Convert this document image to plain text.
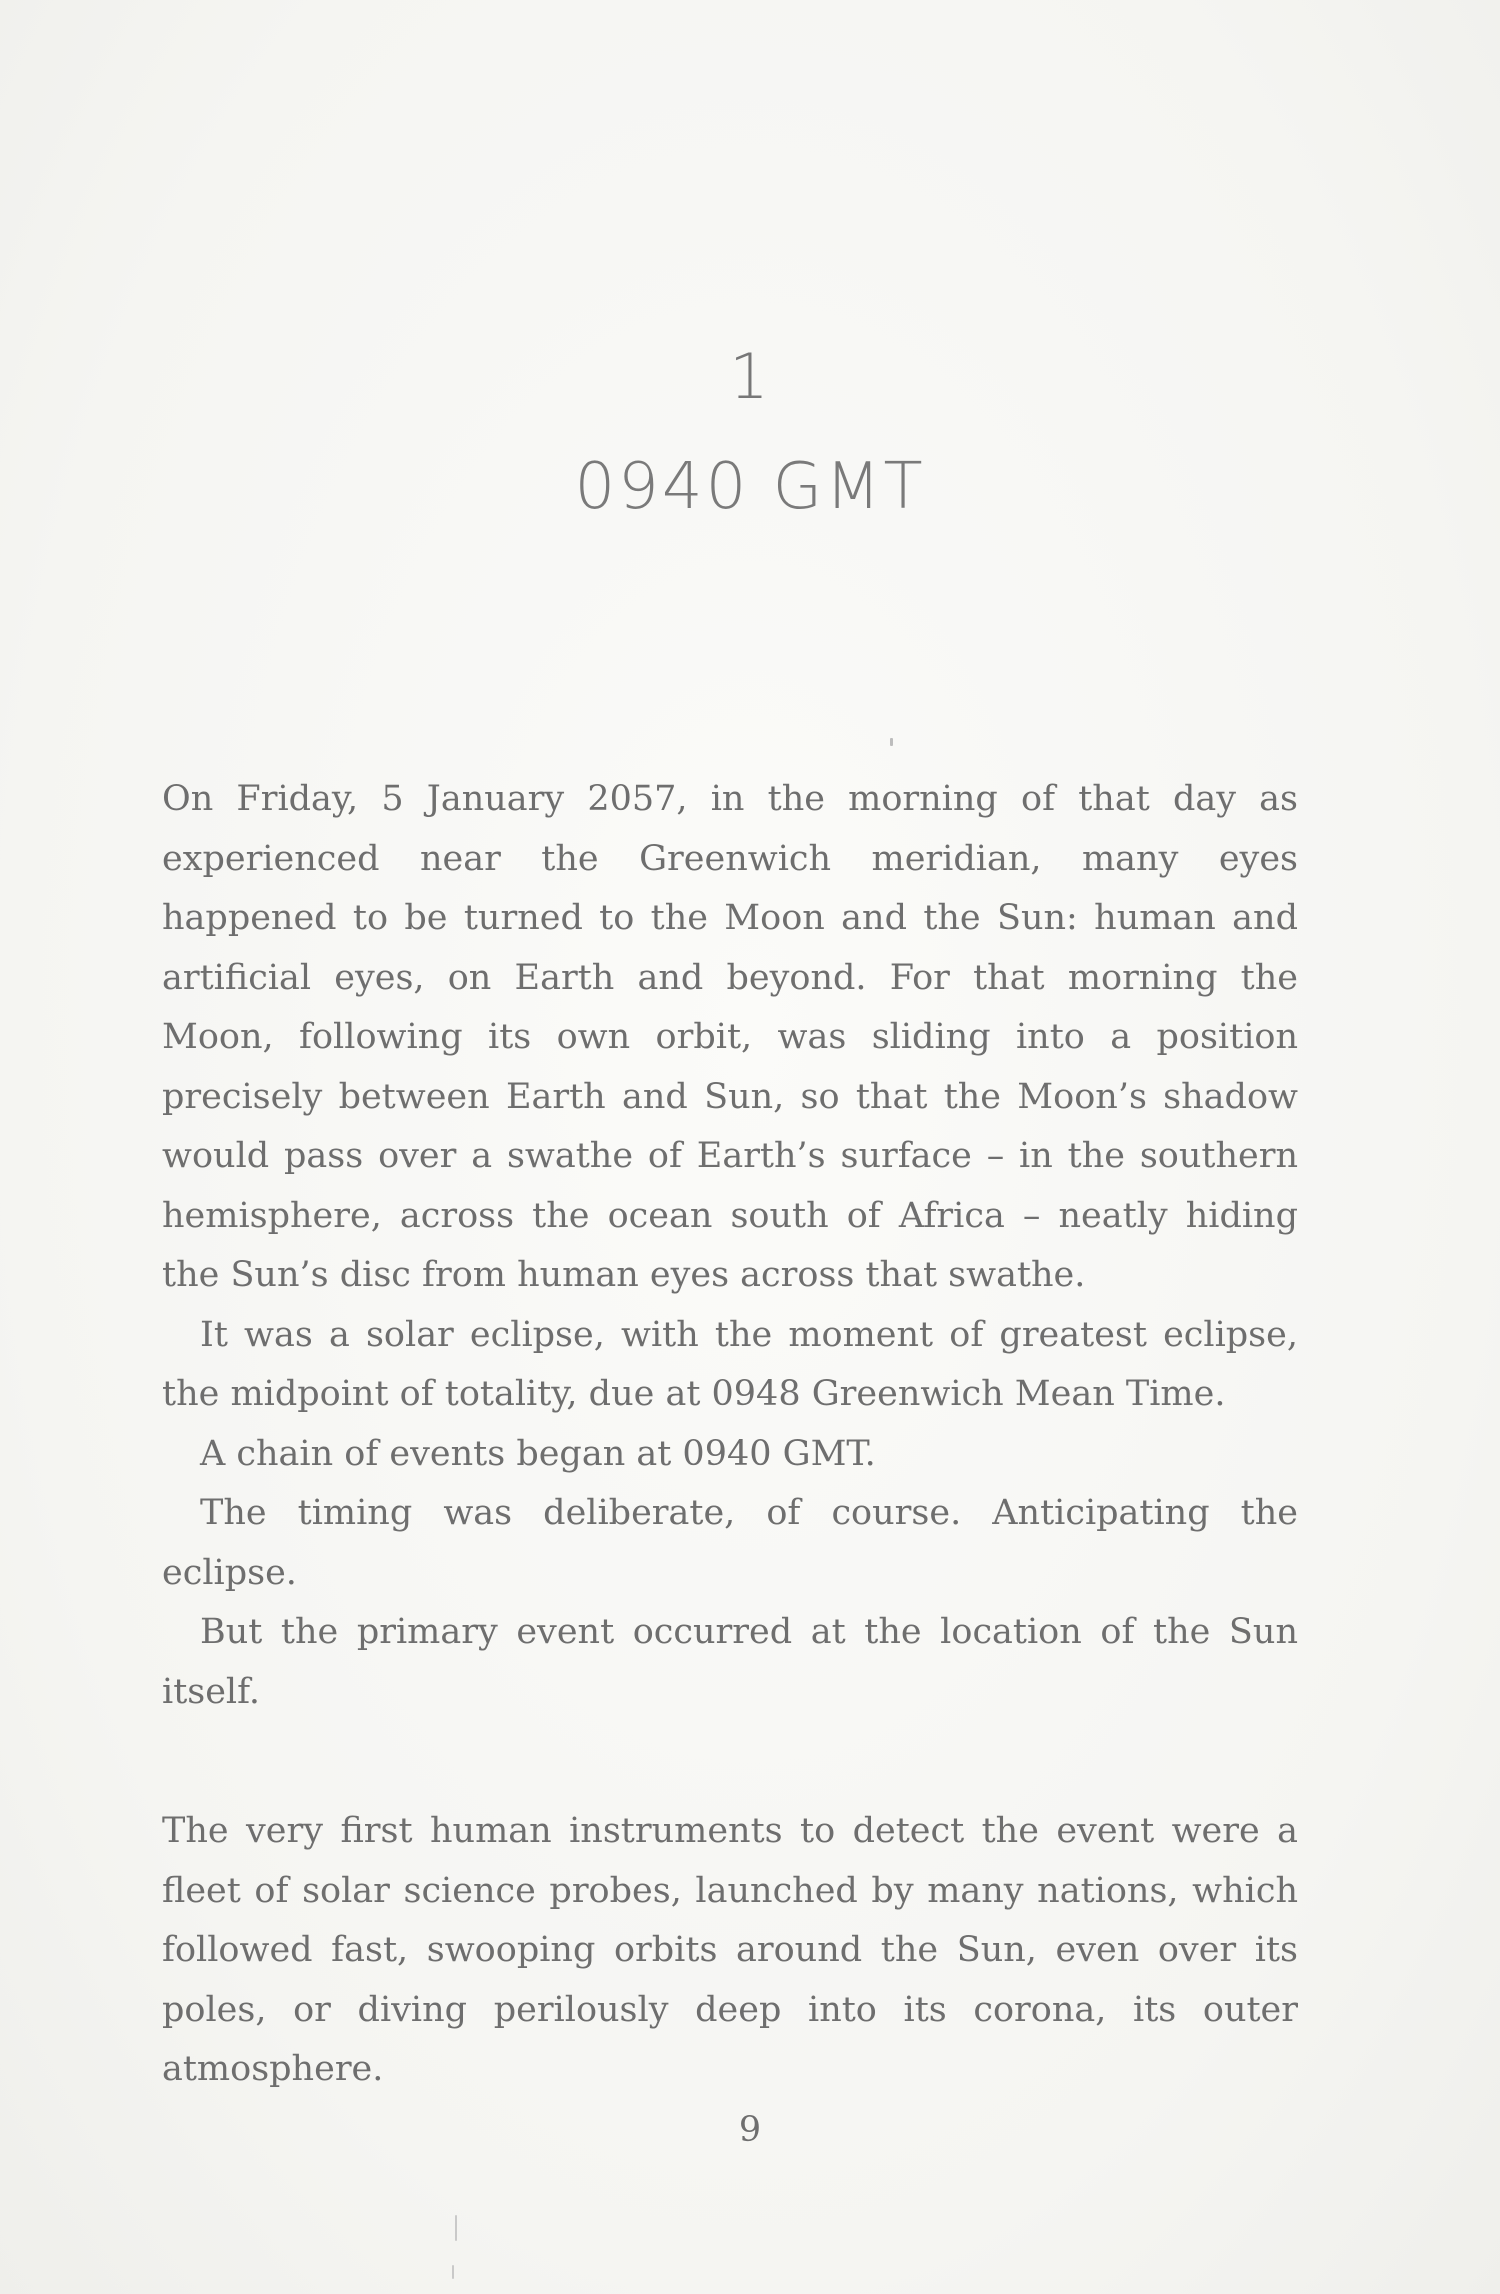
1
0940 GMT

On Friday, 5 January 2057, in the morning of that day as experienced near the Greenwich meridian, many eyes happened to be turned to the Moon and the Sun: human and artificial eyes, on Earth and beyond. For that morning the Moon, following its own orbit, was sliding into a position precisely between Earth and Sun, so that the Moon’s shadow would pass over a swathe of Earth’s surface – in the southern hemisphere, across the ocean south of Africa – neatly hiding the Sun’s disc from human eyes across that swathe.

It was a solar eclipse, with the moment of greatest eclipse, the midpoint of totality, due at 0948 Greenwich Mean Time.

A chain of events began at 0940 GMT.

The timing was deliberate, of course. Anticipating the eclipse.

But the primary event occurred at the location of the Sun itself.

The very first human instruments to detect the event were a fleet of solar science probes, launched by many nations, which followed fast, swooping orbits around the Sun, even over its poles, or diving perilously deep into its corona, its outer atmosphere.

9
